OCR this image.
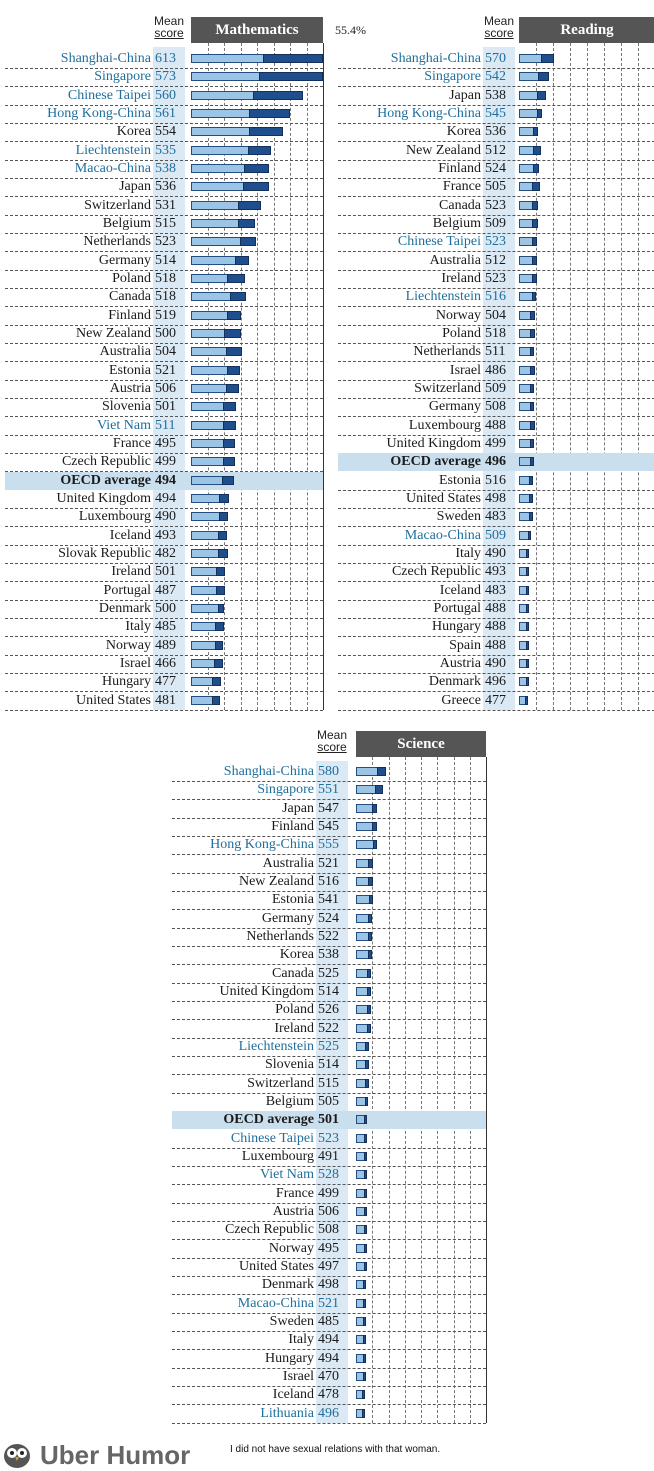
Mean
score	Mathematics	55.4%
Shanghai-China 613
Singapore 573
Chinese Taipei 560
Hong Kong-China 561
Korea 554
Liechtenstein 535
Macao-China 538
Japan 536
Switzerland 531
Belgium 515
Netherlands 523
Germany 514
Poland 518
Canada 518
Finland 519
New Zealand 500
Australia 504
Estonia 521
Austria 506
Slovenia 501
Viet Nam 511
France 495
Czech Republic 499
OECD average 494
United Kingdom 494
Luxembourg 490
Iceland 493
Slovak Republic 482
Ireland 501
Portugal 487
Denmark 500
Italy 485
Norway 489
Israel 466
Hungary 477
United States 481
Mean
score	Reading
Shanghai-China 570
Singapore 542
Japan 538
Hong Kong-China 545
Korea 536
New Zealand 512
Finland 524
France 505
Canada 523
Belgium 509
Chinese Taipei 523
Australia 512
Ireland 523
Liechtenstein 516
Norway 504
Poland 518
Netherlands 511
Israel 486
Switzerland 509
Germany 508
Luxembourg 488
United Kingdom 499
OECD average 496
Estonia 516
United States 498
Sweden 483
Macao-China 509
Italy 490
Czech Republic 493
Iceland 483
Portugal 488
Hungary 488
Spain 488
Austria 490
Denmark 496
Greece 477
Mean
score	Science
Shanghai-China 580
Singapore 551
Japan 547
Finland 545
Hong Kong-China 555
Australia 521
New Zealand 516
Estonia 541
Germany 524
Netherlands 522
Korea 538
Canada 525
United Kingdom 514
Poland 526
Ireland 522
Liechtenstein 525
Slovenia 514
Switzerland 515
Belgium 505
OECD average 501
Chinese Taipei 523
Luxembourg 491
Viet Nam 528
France 499
Austria 506
Czech Republic 508
Norway 495
United States 497
Denmark 498
Macao-China 521
Sweden 485
Italy 494
Hungary 494
Israel 470
Iceland 478
Lithuania 496
Uber Humor	I did not have sexual relations with that woman.
